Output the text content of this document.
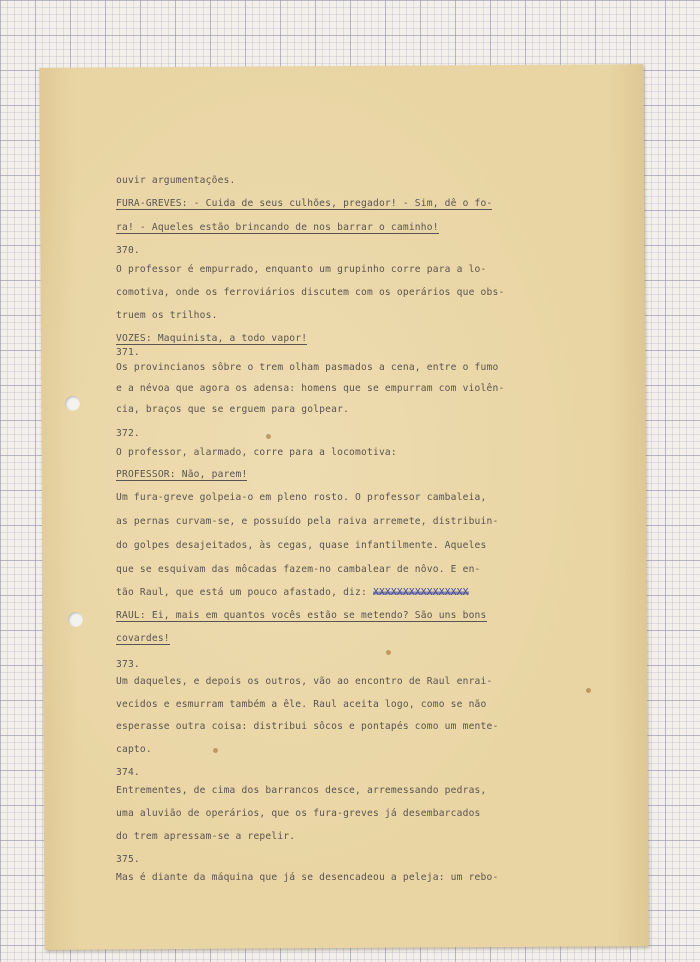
ouvir argumentações.

FURA-GREVES: - Cuida de seus culhões, pregador! - Sim, dê o fo-

ra! - Aqueles estão brincando de nos barrar o caminho!

370.

O professor é empurrado, enquanto um grupinho corre para a lo-

comotiva, onde os ferroviários discutem com os operários que obs-

truem os trilhos.

VOZES: Maquinista, a todo vapor!

371.

Os provincianos sôbre o trem olham pasmados a cena, entre o fumo

e a névoa que agora os adensa: homens que se empurram com violên-

cia, braços que se erguem para golpear.

372.

O professor, alarmado, corre para a locomotiva:

PROFESSOR: Não, parem!

Um fura-greve golpeia-o em pleno rosto. O professor cambaleia,

as pernas curvam-se, e possuído pela raiva arremete, distribuin-

do golpes desajeitados, às cegas, quase infantilmente. Aqueles

que se esquivam das môcadas fazem-no cambalear de nôvo. E en-

tão Raul, que está um pouco afastado, diz: XXXXXXXXXXXXXXXX

RAUL: Ei, mais em quantos vocês estão se metendo? São uns bons

covardes!

373.

Um daqueles, e depois os outros, vão ao encontro de Raul enrai-

vecidos e esmurram também a êle. Raul aceita logo, como se não

esperasse outra coisa: distribui sôcos e pontapés como um mente-

capto.

374.

Entrementes, de cima dos barrancos desce, arremessando pedras,

uma aluvião de operários, que os fura-greves já desembarcados

do trem apressam-se a repelir.

375.

Mas é diante da máquina que já se desencadeou a peleja: um rebo-
